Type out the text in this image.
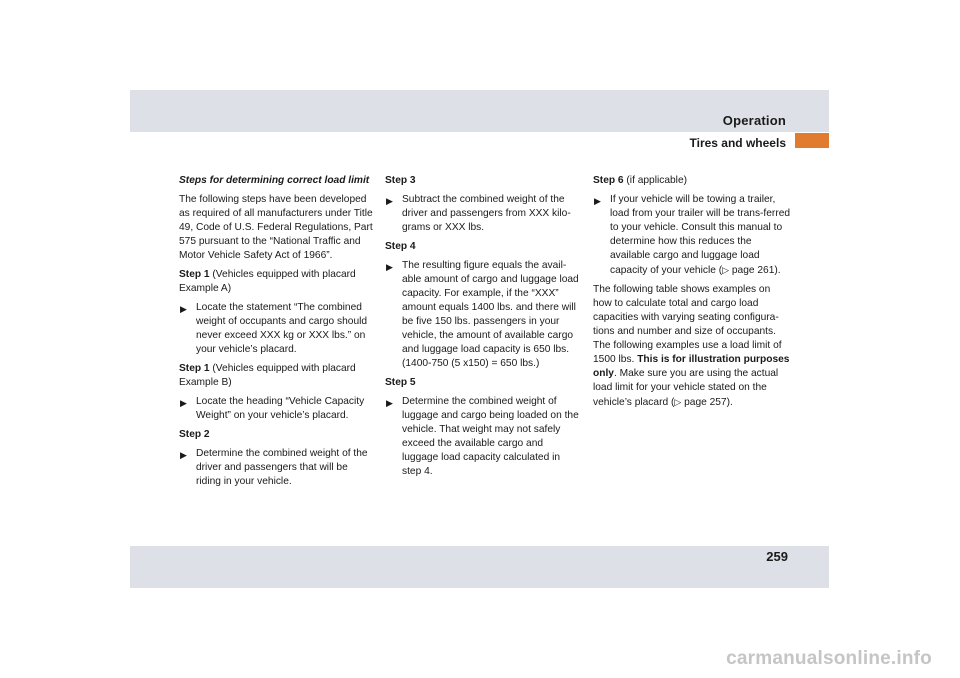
Operation
Tires and wheels

Steps for determining correct load limit

The following steps have been developed as required of all manufacturers under Title 49, Code of U.S. Federal Regulations, Part 575 pursuant to the “National Traffic and Motor Vehicle Safety Act of 1966”.

Step 1 (Vehicles equipped with placard Example A)

▶ Locate the statement “The combined weight of occupants and cargo should never exceed XXX kg or XXX lbs.” on your vehicle’s placard.

Step 1 (Vehicles equipped with placard Example B)

▶ Locate the heading “Vehicle Capacity Weight” on your vehicle’s placard.

Step 2

▶ Determine the combined weight of the driver and passengers that will be riding in your vehicle.

Step 3

▶ Subtract the combined weight of the driver and passengers from XXX kilo-grams or XXX lbs.

Step 4

▶ The resulting figure equals the avail-able amount of cargo and luggage load capacity. For example, if the “XXX” amount equals 1400 lbs. and there will be five 150 lbs. passengers in your vehicle, the amount of available cargo and luggage load capacity is 650 lbs. (1400-750 (5 x150) = 650 lbs.)

Step 5

▶ Determine the combined weight of luggage and cargo being loaded on the vehicle. That weight may not safely exceed the available cargo and luggage load capacity calculated in step 4.

Step 6 (if applicable)

▶ If your vehicle will be towing a trailer, load from your trailer will be trans-ferred to your vehicle. Consult this manual to determine how this reduces the available cargo and luggage load capacity of your vehicle (▷ page 261).

The following table shows examples on how to calculate total and cargo load capacities with varying seating configura-tions and number and size of occupants. The following examples use a load limit of 1500 lbs. This is for illustration purposes only. Make sure you are using the actual load limit for your vehicle stated on the vehicle’s placard (▷ page 257).

259
carmanualsonline.info
